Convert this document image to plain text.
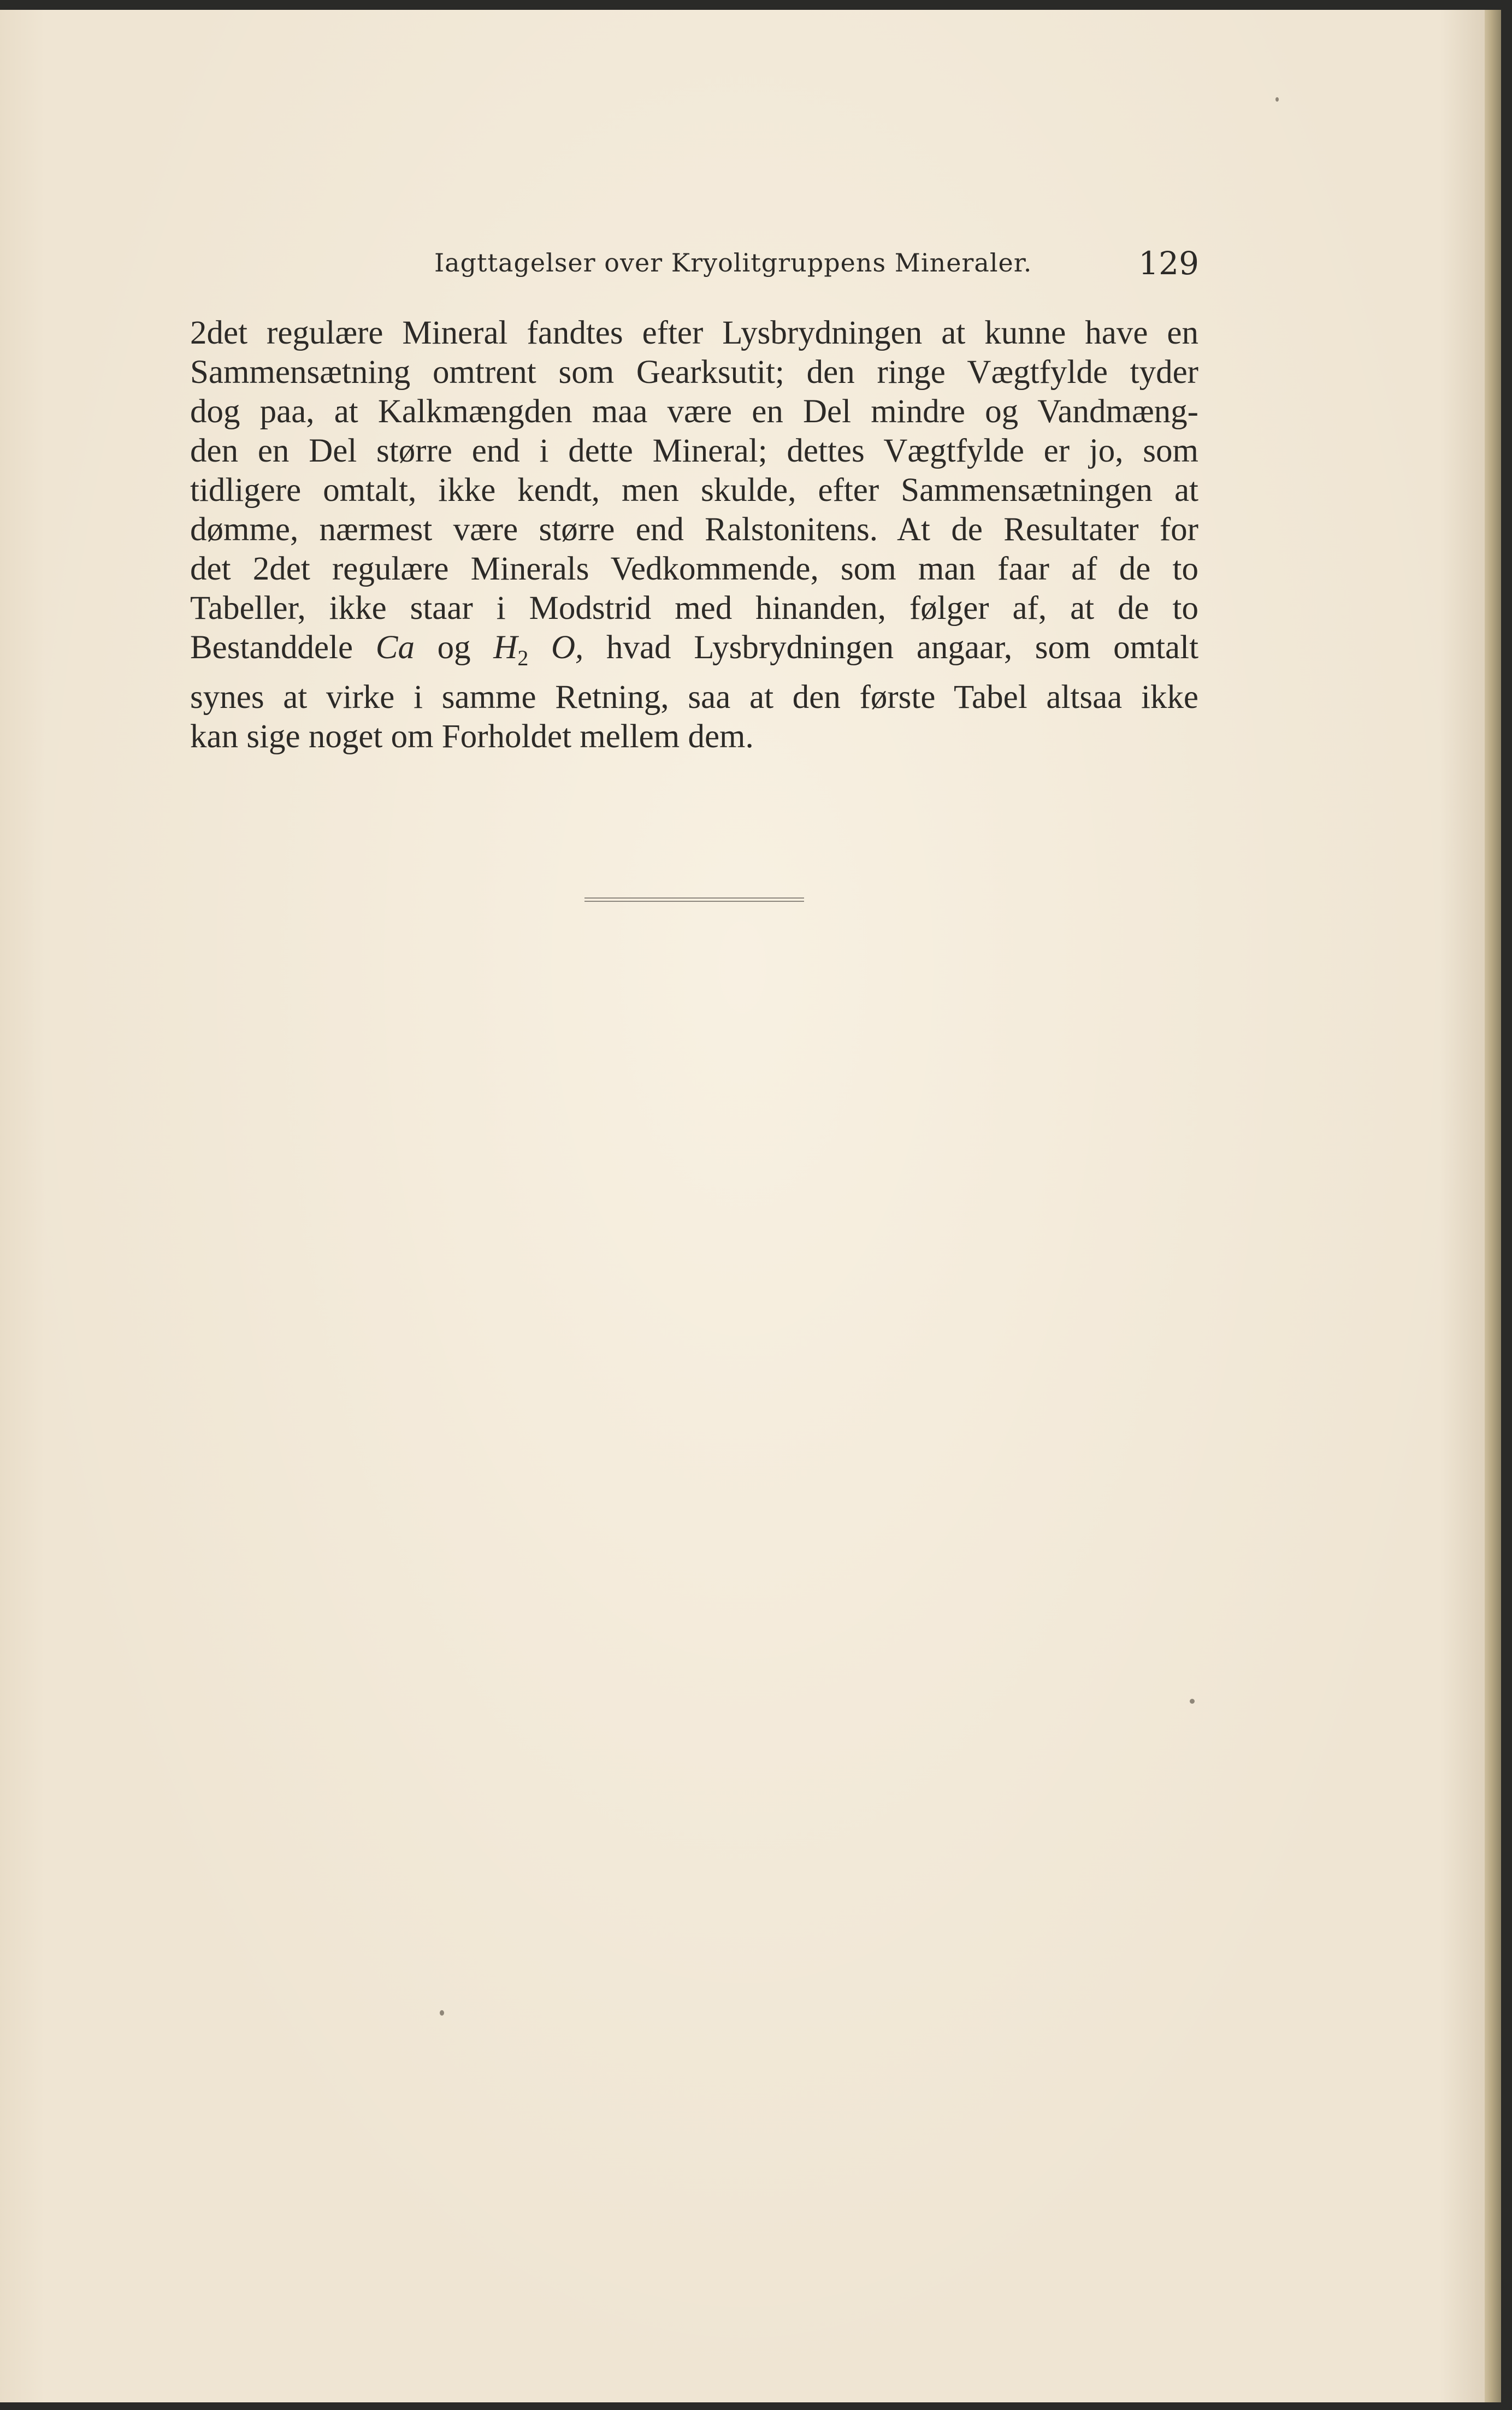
Iagttagelser over Kryolitgruppens Mineraler.	129
2det regulære Mineral fandtes efter Lysbrydningen at kunne have en
Sammensætning omtrent som Gearksutit; den ringe Vægtfylde tyder
dog paa, at Kalkmængden maa være en Del mindre og Vandmæng-
den en Del større end i dette Mineral; dettes Vægtfylde er jo, som
tidligere omtalt, ikke kendt, men skulde, efter Sammensætningen at
dømme, nærmest være større end Ralstonitens. At de Resultater for
det 2det regulære Minerals Vedkommende, som man faar af de to
Tabeller, ikke staar i Modstrid med hinanden, følger af, at de to
Bestanddele Ca og $H_2$ O, hvad Lysbrydningen angaar, som omtalt
synes at virke i samme Retning, saa at den første Tabel altsaa ikke
kan sige noget om Forholdet mellem dem.
